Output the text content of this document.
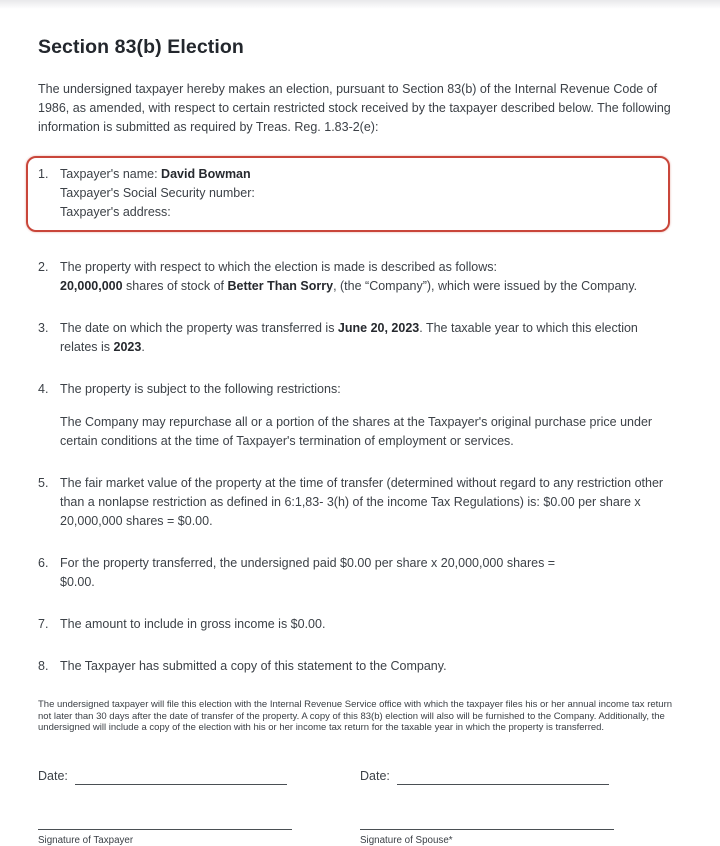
Section 83(b) Election

The undersigned taxpayer hereby makes an election, pursuant to Section 83(b) of the Internal Revenue Code of 1986, as amended, with respect to certain restricted stock received by the taxpayer described below. The following information is submitted as required by Treas. Reg. 1.83-2(e):

1. Taxpayer's name: David Bowman
Taxpayer's Social Security number:
Taxpayer's address:
2. The property with respect to which the election is made is described as follows:
20,000,000 shares of stock of Better Than Sorry, (the “Company”), which were issued by the Company.
3. The date on which the property was transferred is June 20, 2023. The taxable year to which this election relates is 2023.
4. The property is subject to the following restrictions:
The Company may repurchase all or a portion of the shares at the Taxpayer's original purchase price under certain conditions at the time of Taxpayer's termination of employment or services.
5. The fair market value of the property at the time of transfer (determined without regard to any restriction other than a nonlapse restriction as defined in 6:1,83- 3(h) of the income Tax Regulations) is: $0.00 per share x 20,000,000 shares = $0.00.
6. For the property transferred, the undersigned paid $0.00 per share x 20,000,000 shares =
$0.00.
7. The amount to include in gross income is $0.00.
8. The Taxpayer has submitted a copy of this statement to the Company.

The undersigned taxpayer will file this election with the Internal Revenue Service office with which the taxpayer files his or her annual income tax return not later than 30 days after the date of transfer of the property. A copy of this 83(b) election will also will be furnished to the Company. Additionally, the undersigned will include a copy of the election with his or her income tax return for the taxable year in which the property is transferred.

Date:
Signature of Taxpayer
Date:
Signature of Spouse*
